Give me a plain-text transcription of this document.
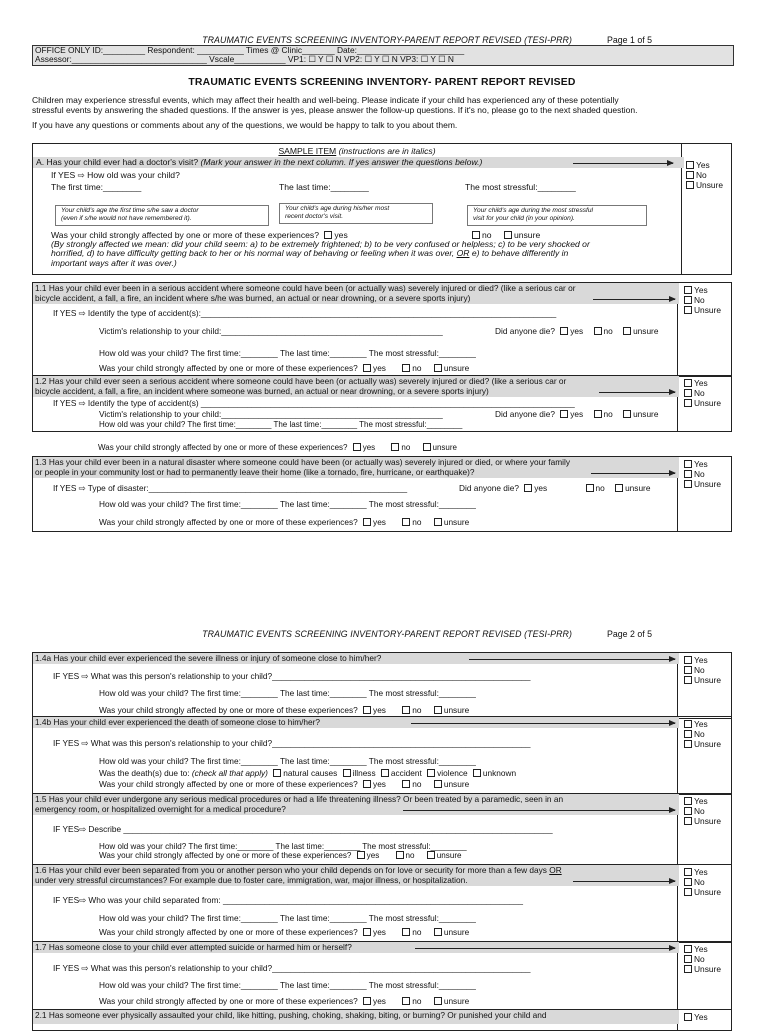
TRAUMATIC EVENTS SCREENING INVENTORY-PARENT REPORT REVISED (TESI-PRR)	Page 1 of 5
OFFICE ONLY ID:_________ Respondent: __________ Times @ Clinic_______ Date:_______________________
Assessor:_____________________________ Vscale___________ VP1: ☐ Y ☐ N VP2: ☐ Y ☐ N VP3: ☐ Y ☐ N
TRAUMATIC EVENTS SCREENING INVENTORY- PARENT REPORT REVISED
Children may experience stressful events, which may affect their health and well-being. Please indicate if your child has experienced any of these potentially
stressful events by answering the shaded questions. If the answer is yes, please answer the follow-up questions. If it's no, please go to the next shaded question.
If you have any questions or comments about any of the questions, we would be happy to talk to you about them.
SAMPLE ITEM (instructions are in italics)
A. Has your child ever had a doctor's visit? (Mark your answer in the next column. If yes answer the questions below.)
If YES ⇨ How old was your child?
The first time:________	The last time:________	The most stressful:________
Your child's age the first time s/he saw a doctor
(even if s/he would not have remembered it).
Your child's age during his/her most
recent doctor's visit.
Your child's age during the most stressful
visit for your child (in your opinion).
Was your child strongly affected by one or more of these experiences? yes	no	unsure
(By strongly affected we mean: did your child seem: a) to be extremely frightened; b) to be very confused or helpless; c) to be very shocked or
horrified, d) to have difficulty getting back to her or his normal way of behaving or feeling when it was over, OR e) to behave differently in
important ways after it was over.)
Yes
No
Unsure
1.1 Has your child ever been in a serious accident where someone could have been (or actually was) severely injured or died? (like a serious car or
bicycle accident, a fall, a fire, an incident where s/he was burned, an actual or near drowning, or a severe sports injury)
If YES ⇨ Identify the type of accident(s):_____________________________________________________________________________
Victim's relationship to your child:________________________________________________	Did anyone die? yes no unsure
How old was your child? The first time:________ The last time:________ The most stressful:________
Was your child strongly affected by one or more of these experiences? yes	no	unsure
Yes
No
Unsure
1.2 Has your child ever seen a serious accident where someone could have been (or actually was) severely injured or died? (like a serious car or
bicycle accident, a fall, a fire, an incident where someone was burned, an actual or near drowning, or a severe sports injury)
If YES ⇨ Identify the type of accident(s) _________________________________________________________________________________
Victim's relationship to your child:________________________________________________	Did anyone die? yes no unsure
How old was your child? The first time:________ The last time:________ The most stressful:________
Yes
No
Unsure
Was your child strongly affected by one or more of these experiences? yes	no	unsure
1.3 Has your child ever been in a natural disaster where someone could have been (or actually was) severely injured or died, or where your family
or people in your community lost or had to permanently leave their home (like a tornado, fire, hurricane, or earthquake)?
If YES ⇨ Type of disaster:________________________________________________________	Did anyone die? yes	no unsure
How old was your child? The first time:________ The last time:________ The most stressful:________
Was your child strongly affected by one or more of these experiences? yes	no	unsure
Yes
No
Unsure
TRAUMATIC EVENTS SCREENING INVENTORY-PARENT REPORT REVISED (TESI-PRR)	Page 2 of 5
1.4a Has your child ever experienced the severe illness or injury of someone close to him/her?
IF YES ⇨ What was this person's relationship to your child?________________________________________________________
How old was your child? The first time:________ The last time:________ The most stressful:________
Was your child strongly affected by one or more of these experiences? yes	no	unsure
Yes
No
Unsure
1.4b Has your child ever experienced the death of someone close to him/her?
IF YES ⇨ What was this person's relationship to your child?________________________________________________________
How old was your child? The first time:________ The last time:________ The most stressful:________
Was the death(s) due to: (check all that apply) natural causes illness accident violence unknown
Was your child strongly affected by one or more of these experiences? yes	no	unsure
Yes
No
Unsure
1.5 Has your child ever undergone any serious medical procedures or had a life threatening illness? Or been treated by a paramedic, seen in an
emergency room, or hospitalized overnight for a medical procedure?
IF YES⇨ Describe _____________________________________________________________________________________________
How old was your child? The first time:________ The last time:________ The most stressful:________
Was your child strongly affected by one or more of these experiences? yes	no	unsure
Yes
No
Unsure
1.6 Has your child ever been separated from you or another person who your child depends on for love or security for more than a few days OR
under very stressful circumstances? For example due to foster care, immigration, war, major illness, or hospitalization.
IF YES⇨ Who was your child separated from: _________________________________________________________________
How old was your child? The first time:________ The last time:________ The most stressful:________
Was your child strongly affected by one or more of these experiences? yes	no	unsure
Yes
No
Unsure
1.7 Has someone close to your child ever attempted suicide or harmed him or herself?
IF YES ⇨ What was this person's relationship to your child?________________________________________________________
How old was your child? The first time:________ The last time:________ The most stressful:________
Was your child strongly affected by one or more of these experiences? yes	no	unsure
Yes
No
Unsure
2.1 Has someone ever physically assaulted your child, like hitting, pushing, choking, shaking, biting, or burning? Or punished your child and	Yes
